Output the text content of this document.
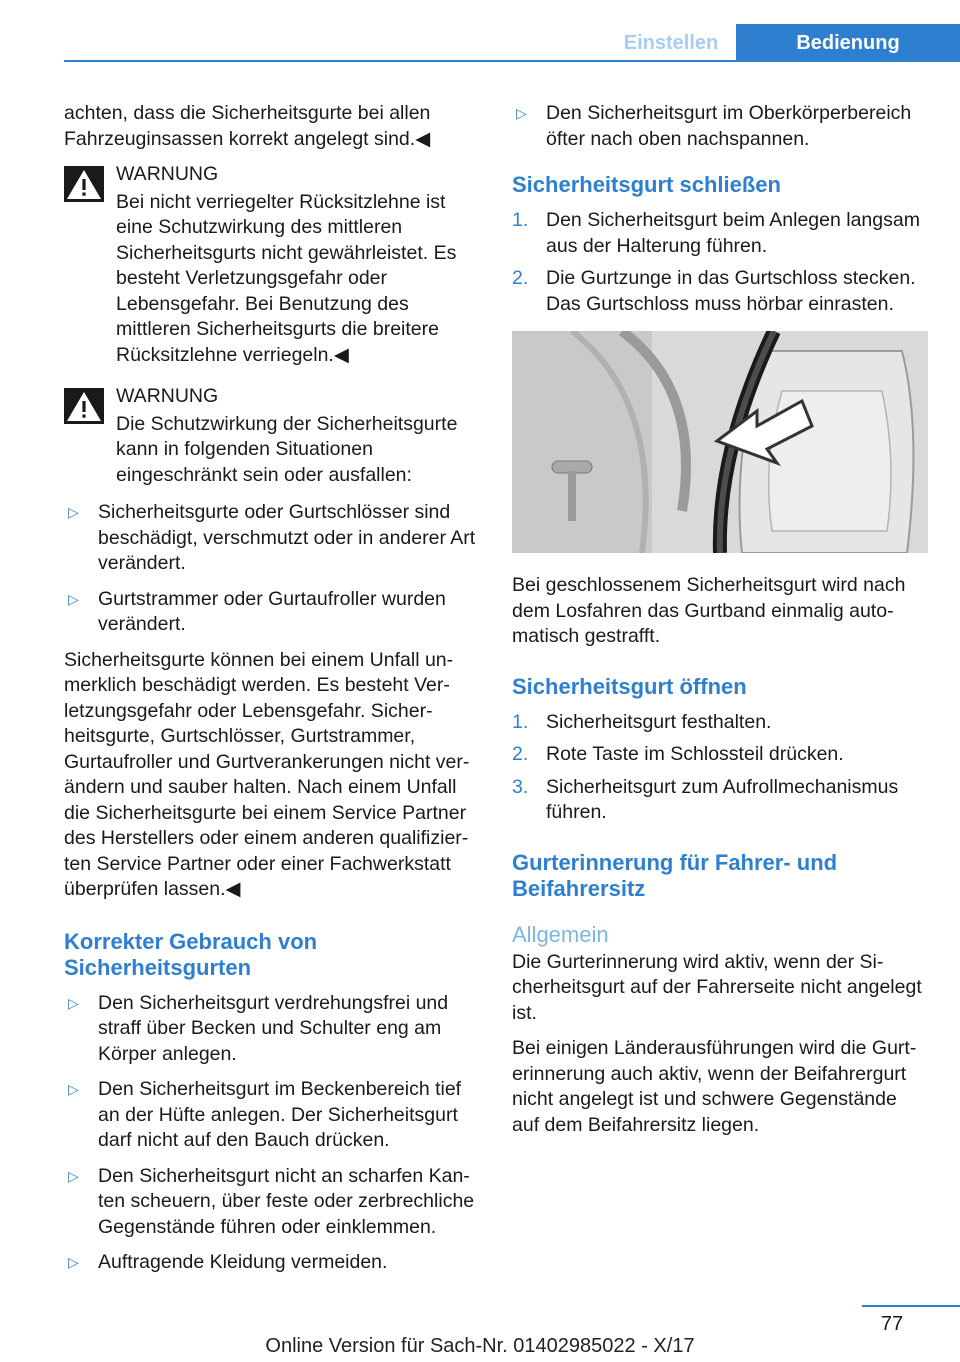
Einstellen	Bedienung

achten, dass die Sicherheitsgurte bei allen Fahrzeuginsassen korrekt angelegt sind.◀

WARNUNG

Bei nicht verriegelter Rücksitzlehne ist eine Schutzwirkung des mittleren Sicherheitsgurts nicht gewährleistet. Es besteht Verletzungsgefahr oder Lebensgefahr. Bei Benutzung des mittleren Sicherheitsgurts die breitere Rücksitzlehne verriegeln.◀

WARNUNG

Die Schutzwirkung der Sicherheitsgurte kann in folgenden Situationen eingeschränkt sein oder ausfallen:

▷ Sicherheitsgurte oder Gurtschlösser sind beschädigt, verschmutzt oder in anderer Art verändert.
▷ Gurtstrammer oder Gurtaufroller wurden verändert.

Sicherheitsgurte können bei einem Unfall unmerklich beschädigt werden. Es besteht Verletzungsgefahr oder Lebensgefahr. Sicherheitsgurte, Gurtschlösser, Gurtstrammer, Gurtaufroller und Gurtverankerungen nicht verändern und sauber halten. Nach einem Unfall die Sicherheitsgurte bei einem Service Partner des Herstellers oder einem anderen qualifizierten Service Partner oder einer Fachwerkstatt überprüfen lassen.◀

Korrekter Gebrauch von Sicherheitsgurten
▷ Den Sicherheitsgurt verdrehungsfrei und straff über Becken und Schulter eng am Körper anlegen.
▷ Den Sicherheitsgurt im Beckenbereich tief an der Hüfte anlegen. Der Sicherheitsgurt darf nicht auf den Bauch drücken.
▷ Den Sicherheitsgurt nicht an scharfen Kanten scheuern, über feste oder zerbrechliche Gegenstände führen oder einklemmen.
▷ Auftragende Kleidung vermeiden.
▷ Den Sicherheitsgurt im Oberkörperbereich öfter nach oben nachspannen.
Sicherheitsgurt schließen
1. Den Sicherheitsgurt beim Anlegen langsam aus der Halterung führen.
2. Die Gurtzunge in das Gurtschloss stecken. Das Gurtschloss muss hörbar einrasten.

Bei geschlossenem Sicherheitsgurt wird nach dem Losfahren das Gurtband einmalig automatisch gestrafft.

Sicherheitsgurt öffnen
1. Sicherheitsgurt festhalten.
2. Rote Taste im Schlossteil drücken.
3. Sicherheitsgurt zum Aufrollmechanismus führen.
Gurterinnerung für Fahrer- und Beifahrersitz
Allgemein

Die Gurterinnerung wird aktiv, wenn der Sicherheitsgurt auf der Fahrerseite nicht angelegt ist.

Bei einigen Länderausführungen wird die Gurterinnerung auch aktiv, wenn der Beifahrergurt nicht angelegt ist und schwere Gegenstände auf dem Beifahrersitz liegen.

77
Online Version für Sach-Nr. 01402985022 - X/17
